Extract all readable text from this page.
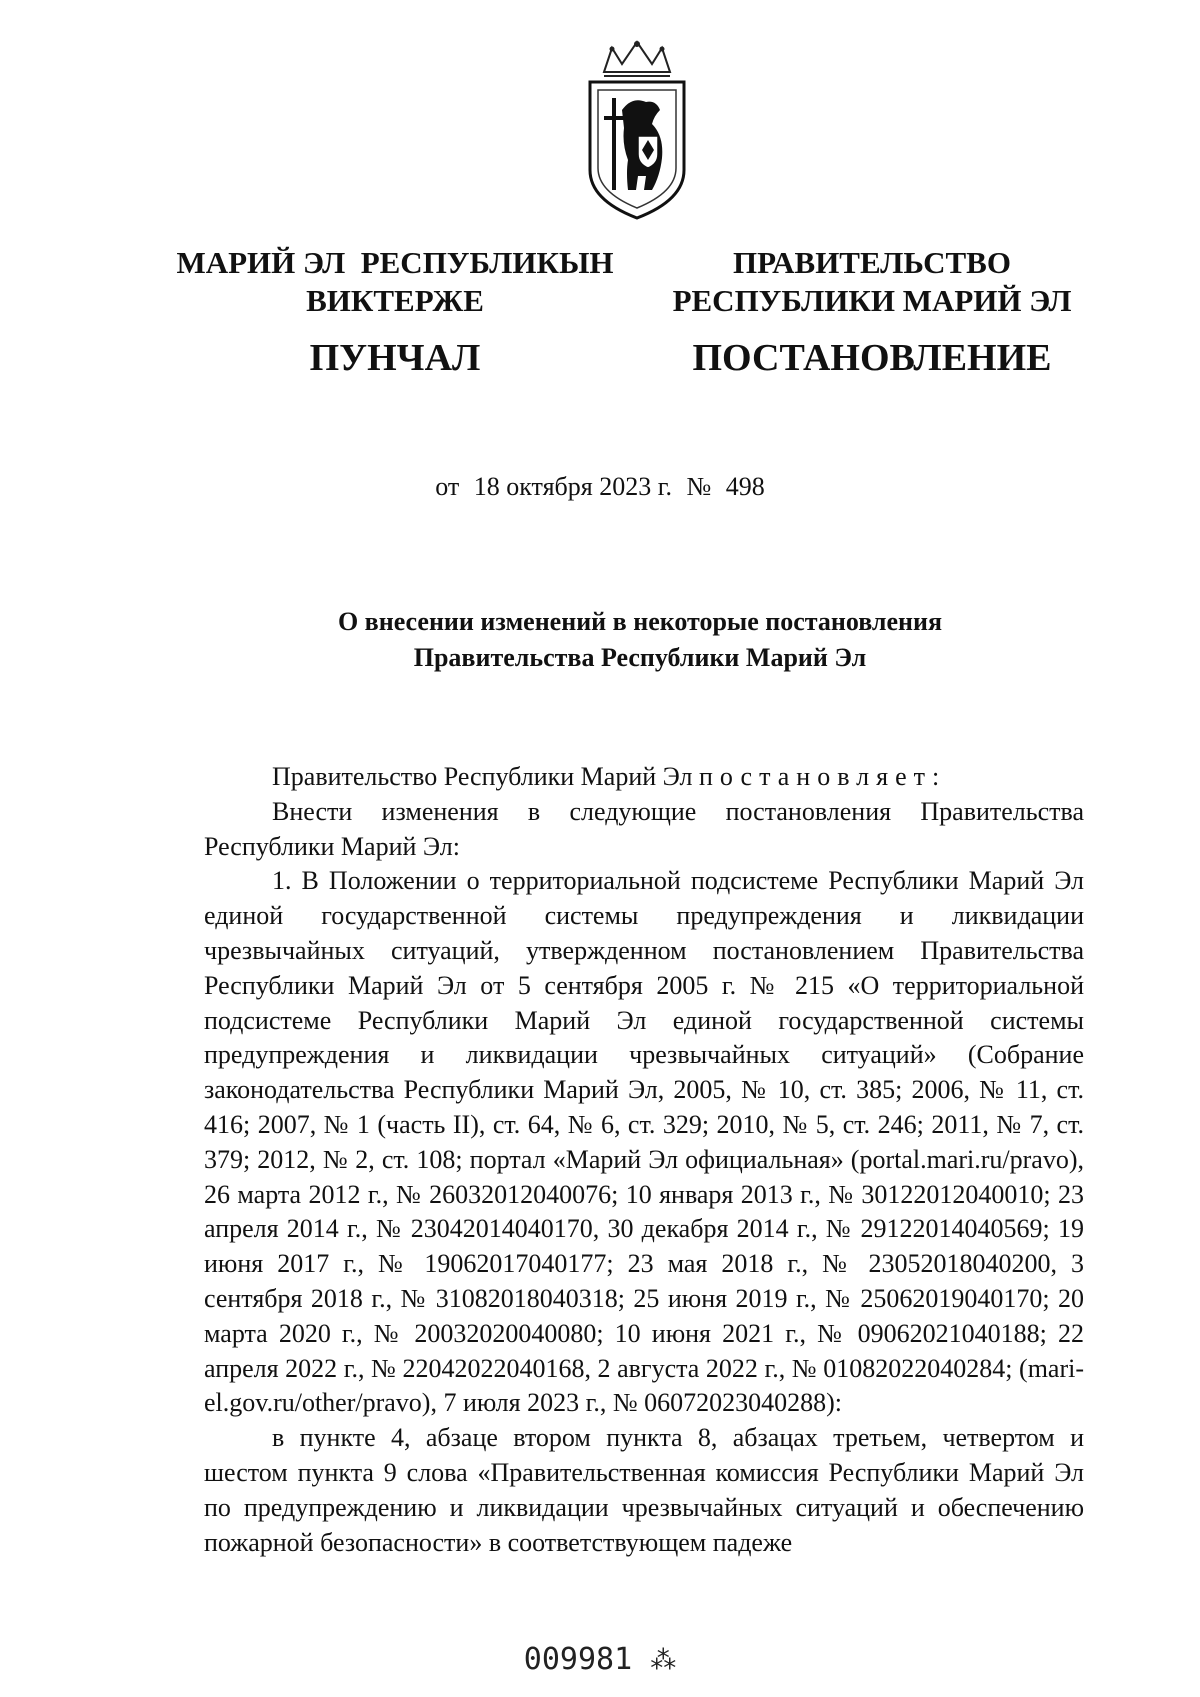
МАРИЙ ЭЛ  РЕСПУБЛИКЫН
ВИКТЕРЖЕ
ПУНЧАЛ
ПРАВИТЕЛЬСТВО
РЕСПУБЛИКИ МАРИЙ ЭЛ
ПОСТАНОВЛЕНИЕ
от 18 октября 2023 г. № 498
О внесении изменений в некоторые постановления
Правительства Республики Марий Эл

Правительство Республики Марий Эл постановляет:

Внести изменения в следующие постановления Правительства Республики Марий Эл:

1. В Положении о территориальной подсистеме Республики Марий Эл единой государственной системы предупреждения и ликвидации чрезвычайных ситуаций, утвержденном постановлением Правительства Республики Марий Эл от 5 сентября 2005 г. № 215 «О территориальной подсистеме Республики Марий Эл единой государственной системы предупреждения и ликвидации чрезвычайных ситуаций» (Собрание законодательства Республики Марий Эл, 2005, № 10, ст. 385; 2006, № 11, ст. 416; 2007, № 1 (часть II), ст. 64, № 6, ст. 329; 2010, № 5, ст. 246; 2011, № 7, ст. 379; 2012, № 2, ст. 108; портал «Марий Эл официальная» (portal.mari.ru/pravo), 26 марта 2012 г., № 26032012040076; 10 января 2013 г., № 30122012040010; 23 апреля 2014 г., № 23042014040170, 30 декабря 2014 г., № 29122014040569; 19 июня 2017 г., № 19062017040177; 23 мая 2018 г., № 23052018040200, 3 сентября 2018 г., № 31082018040318; 25 июня 2019 г., № 25062019040170; 20 марта 2020 г., № 20032020040080; 10 июня 2021 г., № 09062021040188; 22 апреля 2022 г., № 22042022040168, 2 августа 2022 г., № 01082022040284; (mari-el.gov.ru/other/pravo), 7 июля 2023 г., № 06072023040288):

в пункте 4, абзаце втором пункта 8, абзацах третьем, четвертом и шестом пункта 9 слова «Правительственная комиссия Республики Марий Эл по предупреждению и ликвидации чрезвычайных ситуаций и обеспечению пожарной безопасности» в соответствующем падеже

009981 ⁂
